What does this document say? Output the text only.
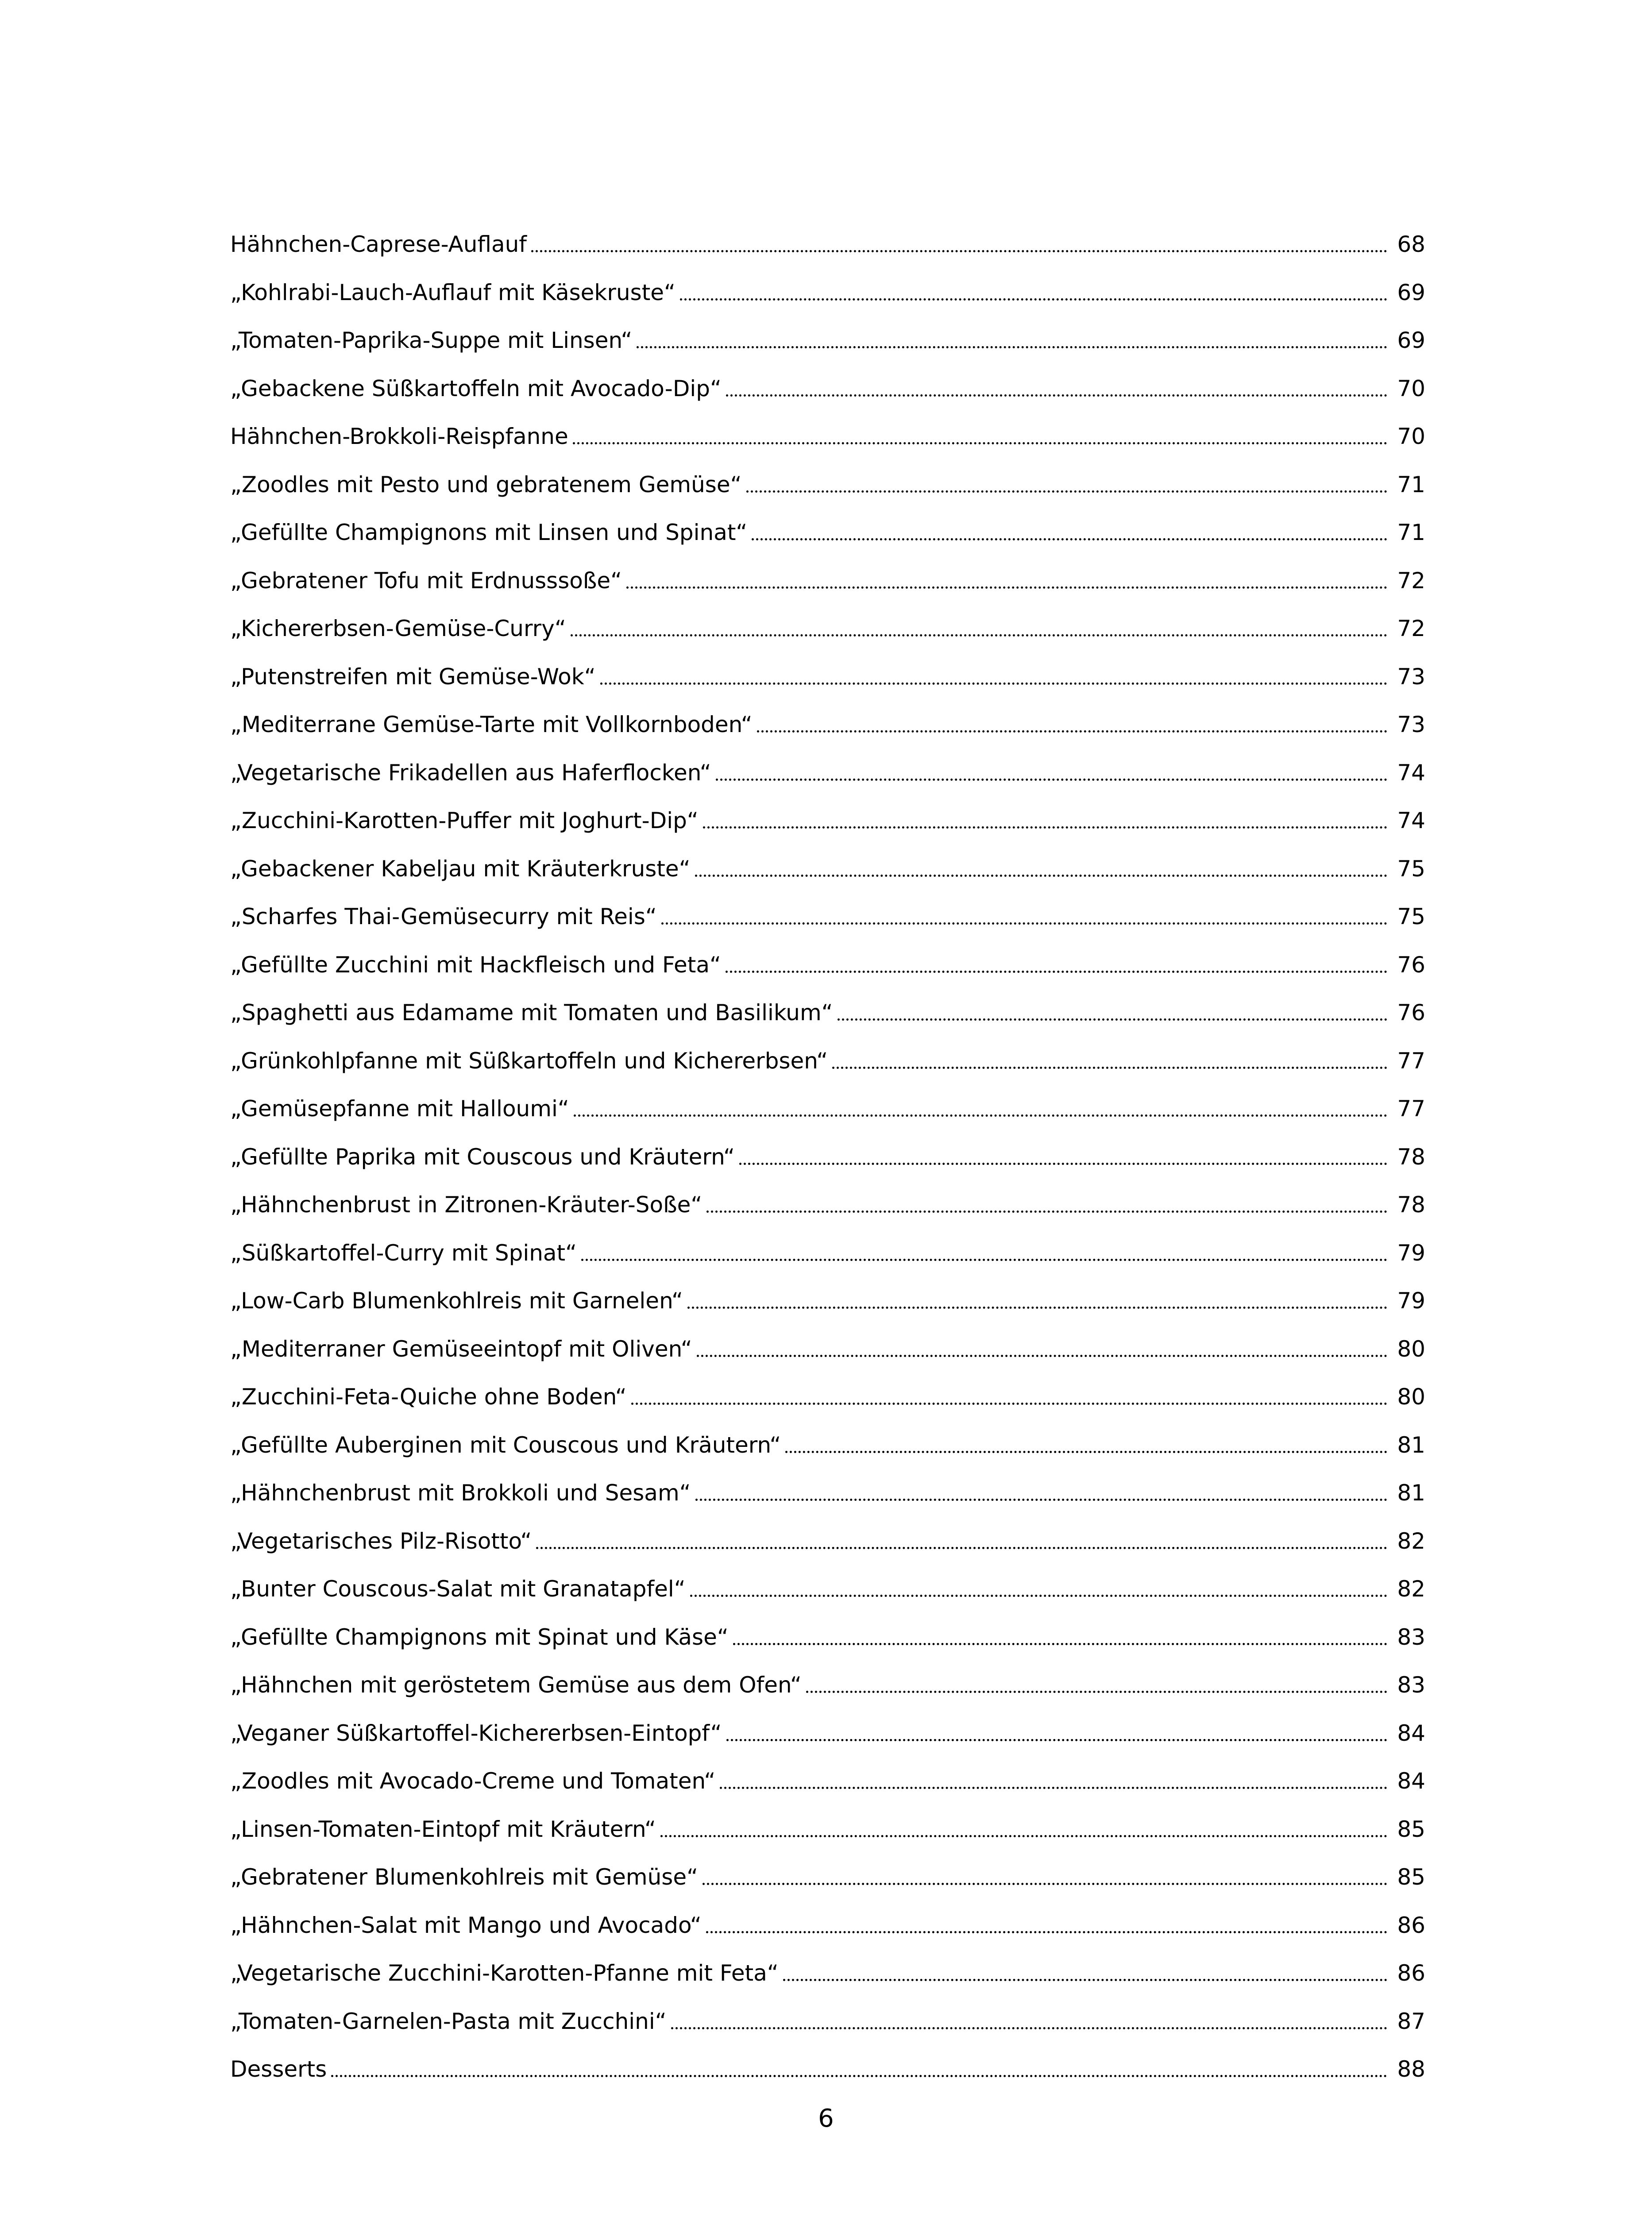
Hähnchen-Caprese-Auflauf	68
„Kohlrabi-Lauch-Auflauf mit Käsekruste“	69
„Tomaten-Paprika-Suppe mit Linsen“	69
„Gebackene Süßkartoffeln mit Avocado-Dip“	70
Hähnchen-Brokkoli-Reispfanne	70
„Zoodles mit Pesto und gebratenem Gemüse“	71
„Gefüllte Champignons mit Linsen und Spinat“	71
„Gebratener Tofu mit Erdnusssoße“	72
„Kichererbsen-Gemüse-Curry“	72
„Putenstreifen mit Gemüse-Wok“	73
„Mediterrane Gemüse-Tarte mit Vollkornboden“	73
„Vegetarische Frikadellen aus Haferflocken“	74
„Zucchini-Karotten-Puffer mit Joghurt-Dip“	74
„Gebackener Kabeljau mit Kräuterkruste“	75
„Scharfes Thai-Gemüsecurry mit Reis“	75
„Gefüllte Zucchini mit Hackfleisch und Feta“	76
„Spaghetti aus Edamame mit Tomaten und Basilikum“	76
„Grünkohlpfanne mit Süßkartoffeln und Kichererbsen“	77
„Gemüsepfanne mit Halloumi“	77
„Gefüllte Paprika mit Couscous und Kräutern“	78
„Hähnchenbrust in Zitronen-Kräuter-Soße“	78
„Süßkartoffel-Curry mit Spinat“	79
„Low-Carb Blumenkohlreis mit Garnelen“	79
„Mediterraner Gemüseeintopf mit Oliven“	80
„Zucchini-Feta-Quiche ohne Boden“	80
„Gefüllte Auberginen mit Couscous und Kräutern“	81
„Hähnchenbrust mit Brokkoli und Sesam“	81
„Vegetarisches Pilz-Risotto“	82
„Bunter Couscous-Salat mit Granatapfel“	82
„Gefüllte Champignons mit Spinat und Käse“	83
„Hähnchen mit geröstetem Gemüse aus dem Ofen“	83
„Veganer Süßkartoffel-Kichererbsen-Eintopf“	84
„Zoodles mit Avocado-Creme und Tomaten“	84
„Linsen-Tomaten-Eintopf mit Kräutern“	85
„Gebratener Blumenkohlreis mit Gemüse“	85
„Hähnchen-Salat mit Mango und Avocado“	86
„Vegetarische Zucchini-Karotten-Pfanne mit Feta“	86
„Tomaten-Garnelen-Pasta mit Zucchini“	87
Desserts	88
6
